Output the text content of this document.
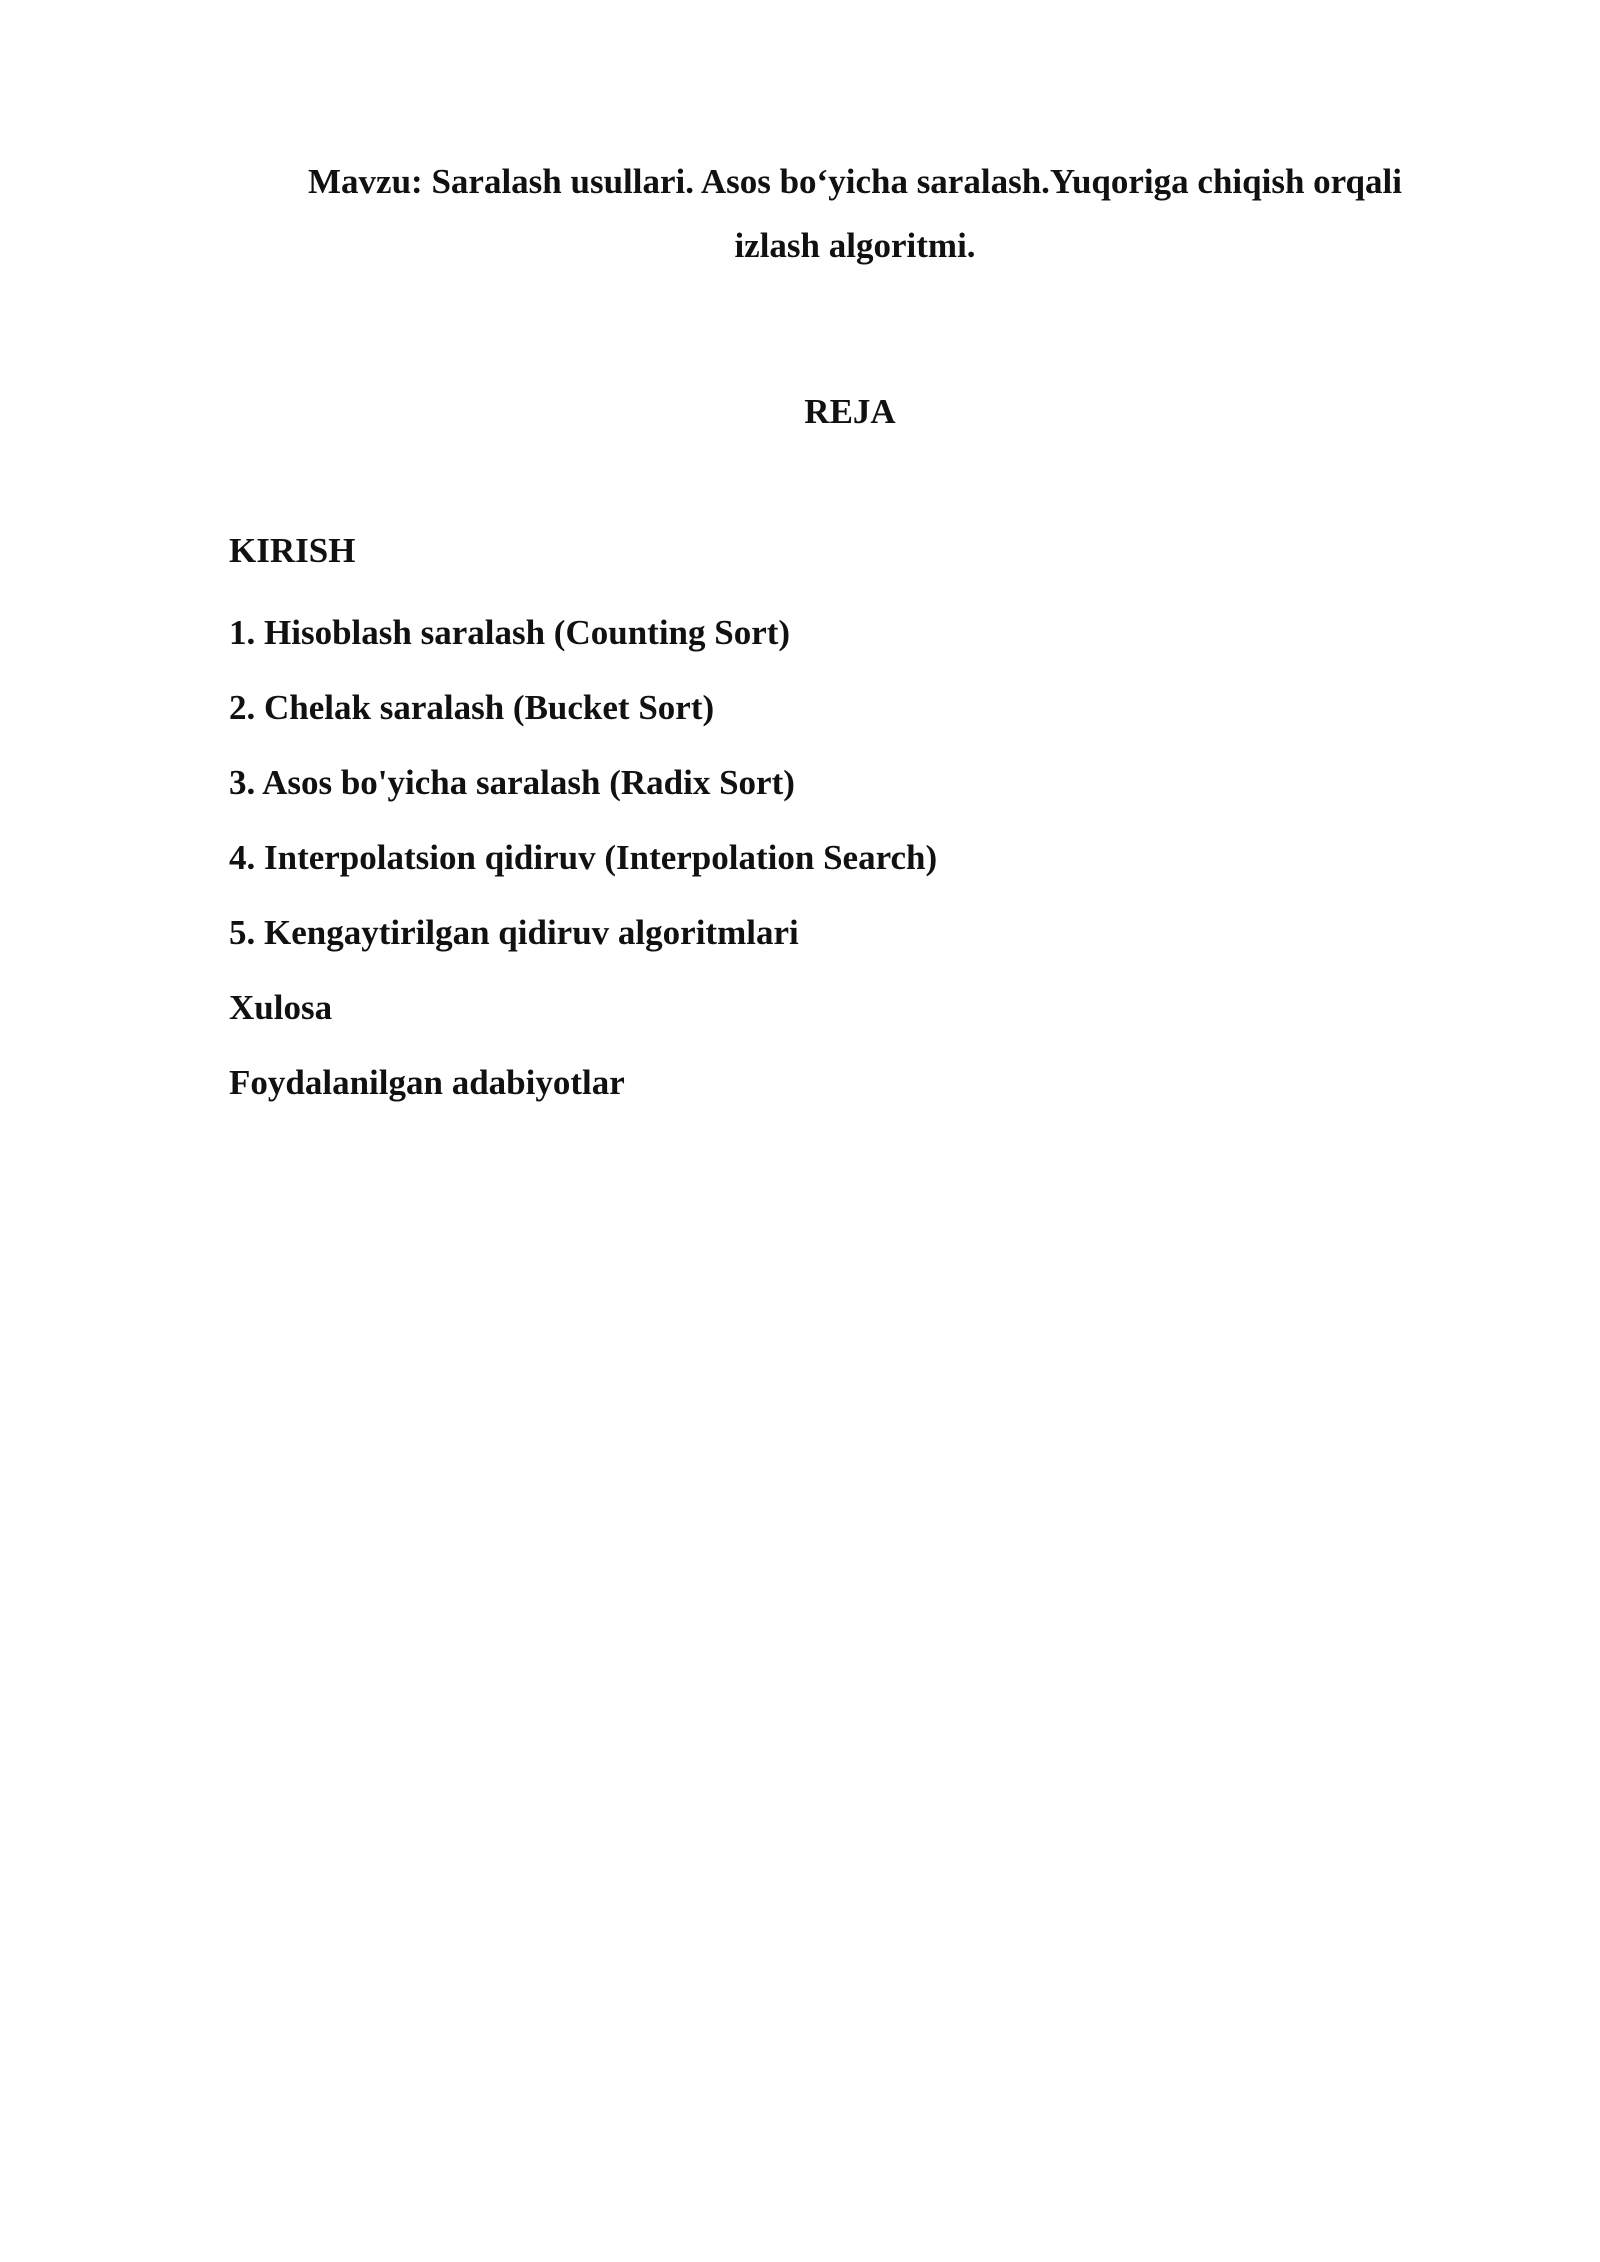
Mavzu: Saralash usullari. Asos bo‘yicha saralash.Yuqoriga chiqish orqali
izlash algoritmi.
REJA
KIRISH
1. Hisoblash saralash (Counting Sort)
2. Chelak saralash (Bucket Sort)
3. Asos bo'yicha saralash (Radix Sort)
4. Interpolatsion qidiruv (Interpolation Search)
5. Kengaytirilgan qidiruv algoritmlari
Xulosa
Foydalanilgan adabiyotlar
